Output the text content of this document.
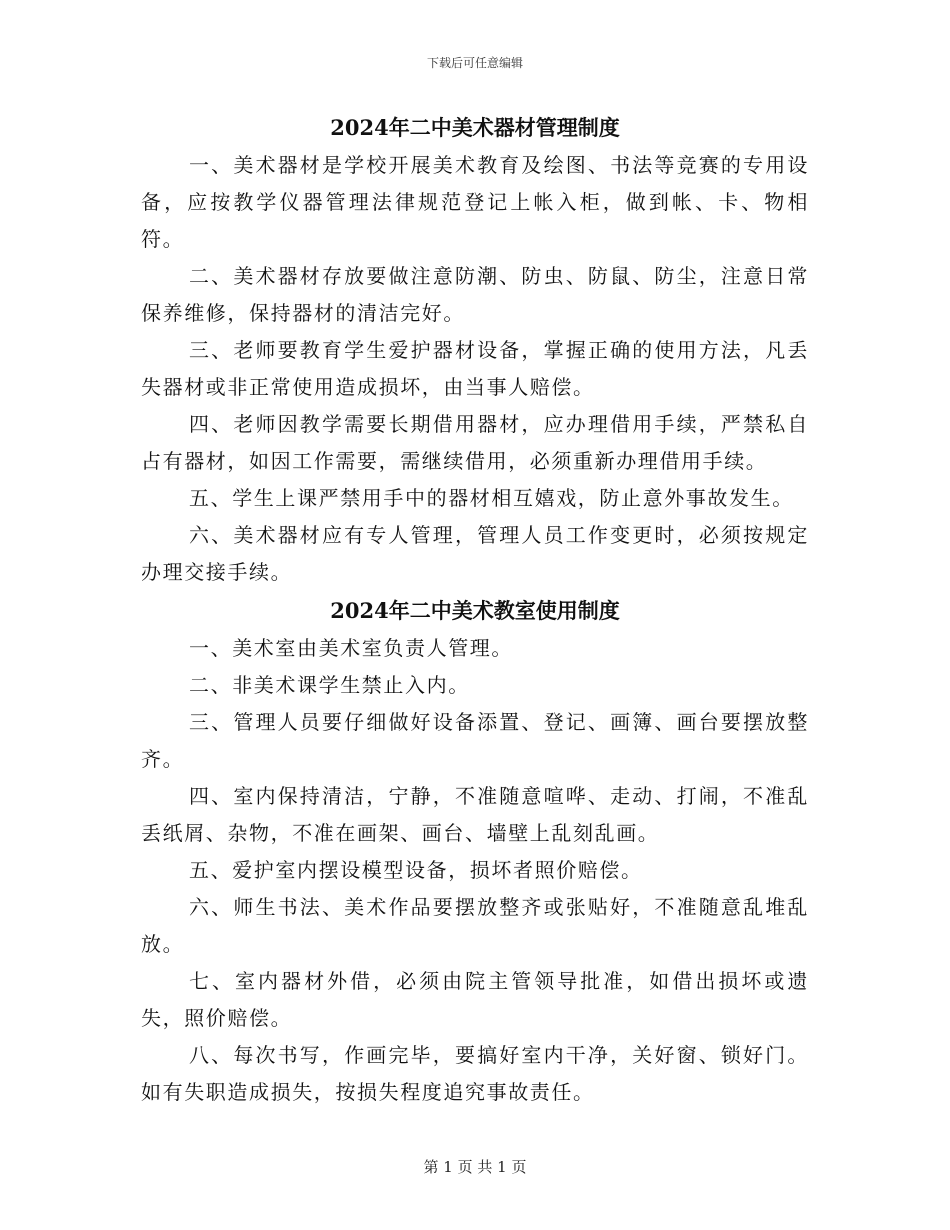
下载后可任意编辑
2024年二中美术器材管理制度

一、美术器材是学校开展美术教育及绘图、书法等竞赛的专用设备，应按教学仪器管理法律规范登记上帐入柜，做到帐、卡、物相符。

二、美术器材存放要做注意防潮、防虫、防鼠、防尘，注意日常保养维修，保持器材的清洁完好。

三、老师要教育学生爱护器材设备，掌握正确的使用方法，凡丢失器材或非正常使用造成损坏，由当事人赔偿。

四、老师因教学需要长期借用器材，应办理借用手续，严禁私自占有器材，如因工作需要，需继续借用，必须重新办理借用手续。

五、学生上课严禁用手中的器材相互嬉戏，防止意外事故发生。

六、美术器材应有专人管理，管理人员工作变更时，必须按规定办理交接手续。

2024年二中美术教室使用制度

一、美术室由美术室负责人管理。

二、非美术课学生禁止入内。

三、管理人员要仔细做好设备添置、登记、画簿、画台要摆放整齐。

四、室内保持清洁，宁静，不准随意喧哗、走动、打闹，不准乱丢纸屑、杂物，不准在画架、画台、墙壁上乱刻乱画。

五、爱护室内摆设模型设备，损坏者照价赔偿。

六、师生书法、美术作品要摆放整齐或张贴好，不准随意乱堆乱放。

七、室内器材外借，必须由院主管领导批准，如借出损坏或遗失，照价赔偿。

八、每次书写，作画完毕，要搞好室内干净，关好窗、锁好门。如有失职造成损失，按损失程度追究事故责任。

第 1 页 共 1 页
